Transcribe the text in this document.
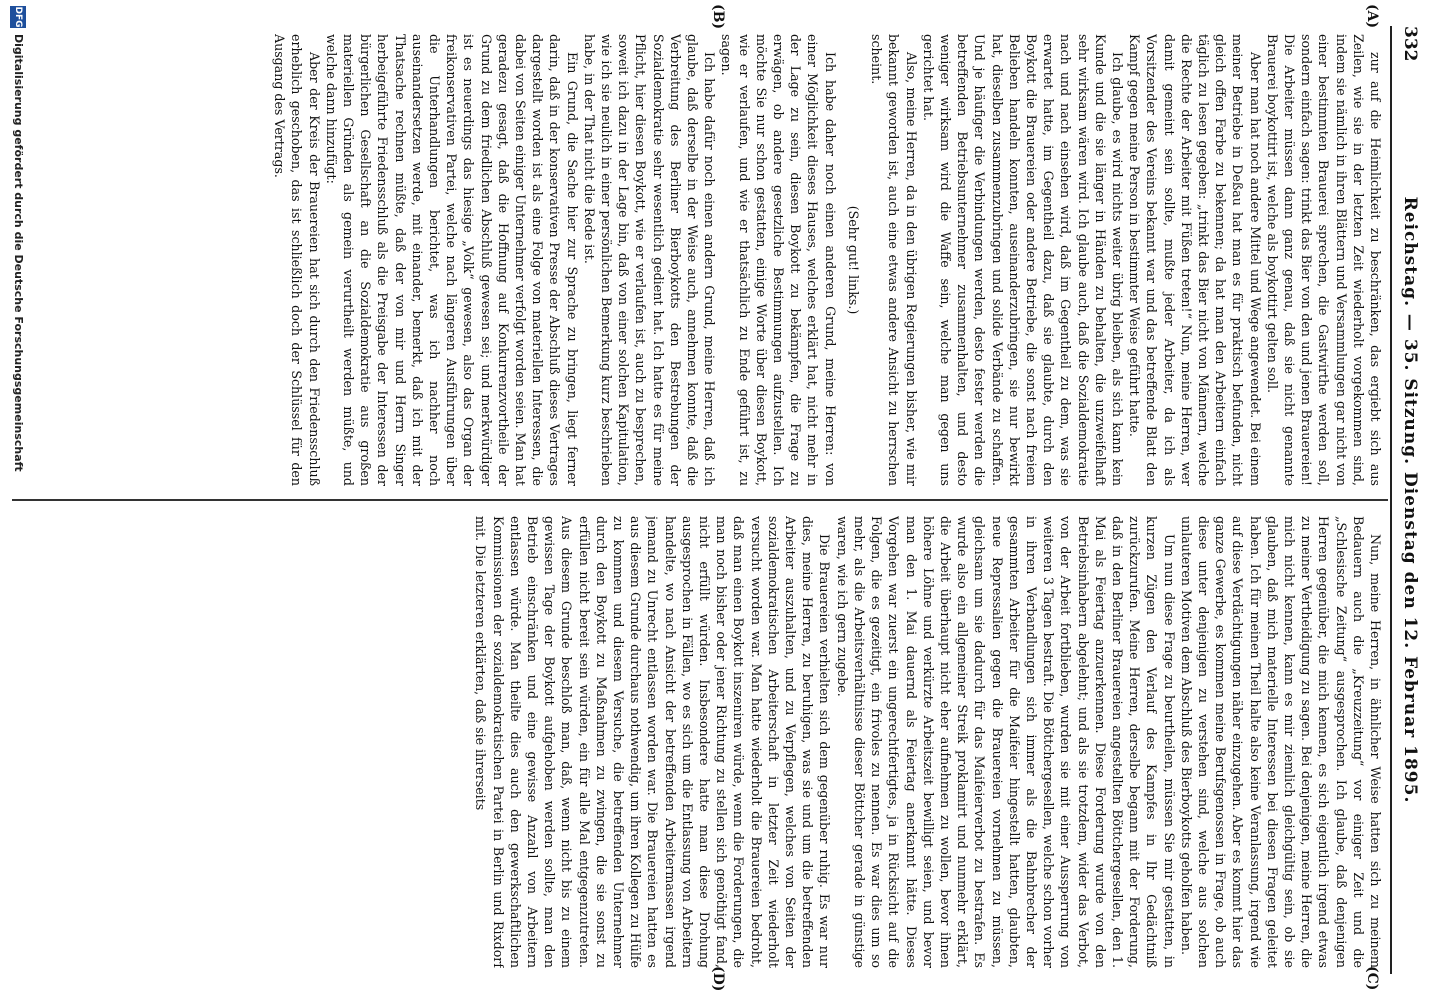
332
Reichstag. — 35. Sitzung. Dienstag den 12. Februar 1895.
(A)
(B)
(C)
(D)

zur auf die Heimlichkeit zu beschränken, das ergiebt sich aus Zeilen, wie sie in der letzten Zeit wiederholt vorgekommen sind, indem sie nämlich in ihren Blättern und Versammlungen gar nicht von einer bestimmten Brauerei sprechen, die Gastwirthe werden soll, sondern einfach sagen: trinkt das Bier von den und jenen Brauereien! Die Arbeiter müssen dann ganz genau, daß sie nicht genannte Brauerei boykottirt ist, welche als boykottirt gelten soll.

Aber man hat noch andere Mittel und Wege angewendet. Bei einem meiner Betriebe in Deßau hat man es für praktisch befunden, nicht gleich offen Farbe zu bekennen; da hat man den Arbeitern einfach täglich zu lesen gegeben: „trinkt das Bier nicht von Männern, welche die Rechte der Arbeiter mit Füßen treten!“ Nun, meine Herren, wer damit gemeint sein sollte, mußte jeder Arbeiter, da ich als Vorsitzender des Vereins bekannt war und das betreffende Blatt den Kampf gegen meine Person in bestimmter Weise geführt hatte.

Ich glaube, es wird nichts weiter übrig bleiben, als sich kann kein Kunde und die sie länger in Händen zu behalten, die unzweifelhaft sehr wirksam wären wird. Ich glaube auch, daß die Sozialdemokratie nach und nach einsehen wird, daß im Gegentheil zu dem, was sie erwartet hatte, im Gegentheil dazu, daß sie glaubte, durch den Boykott die Brauereien oder andere Betriebe, die sonst nach freiem Belieben handeln konnten, auseinanderzubringen, sie nur bewirkt hat, dieselben zusammenzubringen und solide Verbände zu schaffen. Und je häufiger die Verbindungen werden, desto fester werden die betreffenden Betriebsunternehmer zusammenhalten, und desto weniger wirksam wird die Waffe sein, welche man gegen uns gerichtet hat.

Also, meine Herren, da in den übrigen Regierungen bisher, wie mir bekannt geworden ist, auch eine etwas andere Ansicht zu herrschen scheint.

(Sehr gut! links.)

Ich habe daher noch einen anderen Grund, meine Herren: von einer Möglichkeit dieses Hauses, welches erklärt hat, nicht mehr in der Lage zu sein, diesen Boykott zu bekämpfen, die Frage zu erwägen, ob andere gesetzliche Bestimmungen aufzustellen. Ich möchte Sie nur schon gestatten, einige Worte über diesen Boykott, wie er verlaufen, und wie er thatsächlich zu Ende geführt ist, zu sagen.

Ich habe dafür noch einen andern Grund, meine Herren, daß ich glaube, daß derselbe in der Weise auch, annehmen konnte, daß die Verbreitung des Berliner Bierboykotts den Bestrebungen der Sozialdemokratie sehr wesentlich gedient hat. Ich hatte es für meine Pflicht, hier diesen Boykott, wie er verlaufen ist, auch zu besprechen, soweit ich dazu in der Lage bin, daß von einer solchen Kapitulation, wie ich sie neulich in einer persönlichen Bemerkung kurz beschrieben habe, in der That nicht die Rede ist.

Ein Grund, die Sache hier zur Sprache zu bringen, liegt ferner darin, daß in der konservativen Presse der Abschluß dieses Vertrages dargestellt worden ist als eine Folge von materiellen Interessen, die dabei von Seiten einiger Unternehmer verfolgt worden seien. Man hat geradezu gesagt, daß die Hoffnung auf Konkurrenzvortheile der Grund zu dem friedlichen Abschluß gewesen sei; und merkwürdiger ist es neuerdings das hiesige „Volk“ gewesen, also das Organ der freikonservativen Partei, welche nach längeren Ausführungen über die Unterhandlungen berichtet, was ich nachher noch auseinandersetzen werde, mit einander, bemerkt, daß ich mit der Thatsache rechnen müßte, daß der von mir und Herrn Singer herbeigeführte Friedensschluß als die Preisgabe der Interessen der bürgerlichen Gesellschaft an die Sozialdemokratie aus großen materiellen Gründen als gemein verurtheilt werden müßte, und welche dann hinzufügt:

Aber der Kreis der Brauereien hat sich durch den Friedensschluß erheblich geschoben, das ist schließlich doch der Schlüssel für den Ausgang des Vertrags.

Nun, meine Herren, in ähnlicher Weise hatten sich zu meinem Bedauern auch die „Kreuzzeitung“ vor einiger Zeit und die „Schlesische Zeitung“ ausgesprochen. Ich glaube, daß denjenigen Herren gegenüber, die mich kennen, es sich eigentlich irgend etwas zu meiner Vertheidigung zu sagen. Bei denjenigen, meine Herren, die mich nicht kennen, kann es mir ziemlich gleichgültig sein, ob sie glauben, daß mich materielle Interessen bei diesen Fragen geleitet haben. Ich für meinen Theil halte also keine Veranlassung, irgend wie auf diese Verdächtigungen näher einzugehen. Aber es kommt hier das ganze Gewerbe, es kommen meine Berufsgenossen in Frage, ob auch diese unter denjenigen zu verstehen sind, welche aus solchen unlauteren Motiven dem Abschluß des Bierboykotts geholfen haben.

Um nun diese Frage zu beurtheilen, müssen Sie mir gestatten, in kurzen Zügen den Verlauf des Kampfes in Ihr Gedächtniß zurückzurufen. Meine Herren, derselbe begann mit der Forderung, daß in den Berliner Brauereien angestellten Böttchergesellen, den 1. Mai als Feiertag anzuerkennen. Diese Forderung wurde von den Betriebsinhabern abgelehnt; und als sie trotzdem, wider das Verbot, von der Arbeit fortblieben, wurden sie mit einer Aussperrung von weiteren 3 Tagen bestraft. Die Böttchergesellen, welche schon vorher in ihren Verbandlungen sich immer als die Bahnbrecher der gesammten Arbeiter für die Maifeier hingestellt hatten, glaubten, neue Repressalien gegen die Brauereien vornehmen zu müssen, gleichsam um sie dadurch für das Maifeierverbot zu bestrafen. Es wurde also ein allgemeiner Streik proklamirt und nunmehr erklärt, die Arbeit überhaupt nicht eher aufnehmen zu wollen, bevor ihnen höhere Löhne und verkürzte Arbeitszeit bewilligt seien, und bevor man den 1. Mai dauernd als Feiertag anerkannt hätte. Dieses Vorgehen war zuerst ein ungerechtfertigtes, ja in Rücksicht auf die Folgen, die es gezeitigt, ein frivoles zu nennen. Es war dies um so mehr, als die Arbeitsverhältnisse dieser Böttcher gerade in günstige waren, wie ich gern zugebe.

Die Brauereien verhielten sich dem gegenüber ruhig. Es war nur dies, meine Herren, zu beruhigen, was sie und um die betreffenden Arbeiter auszuhalten, und zu Verpflegen, welches von Seiten der sozialdemokratischen Arbeiterschaft in letzter Zeit wiederholt versucht worden war. Man hatte wiederholt die Brauereien bedroht, daß man einen Boykott inszeniren würde, wenn die Forderungen, die man noch bisher oder jener Richtung zu stellen sich genöthigt fand, nicht erfüllt würden. Insbesondere hatte man diese Drohung ausgesprochen in Fällen, wo es sich um die Entlassung von Arbeitern handelte, wo nach Ansicht der betreffenden Arbeitermassen irgend jemand zu Unrecht entlassen worden war. Die Brauereien hatten es aus diesem Grunde durchaus nothwendig, um ihren Kollegen zu Hülfe zu kommen und diesem Versuche, die betreffenden Unternehmer durch den Boykott zu Maßnahmen zu zwingen, die sie sonst zu erfüllen nicht bereit sein würden, ein für alle Mal entgegenzutreten. Aus diesem Grunde beschloß man, daß, wenn nicht bis zu einem gewissen Tage der Boykott aufgehoben werden sollte, man den Betrieb einschränken und eine gewisse Anzahl von Arbeitern entlassen würde. Man theilte dies auch den gewerkschaftlichen Kommissionen der sozialdemokratischen Partei in Berlin und Rixdorf mit. Die letzteren erklärten, daß sie ihrerseits

DFG
Digitalisierung gefördert durch die Deutsche Forschungsgemeinschaft
